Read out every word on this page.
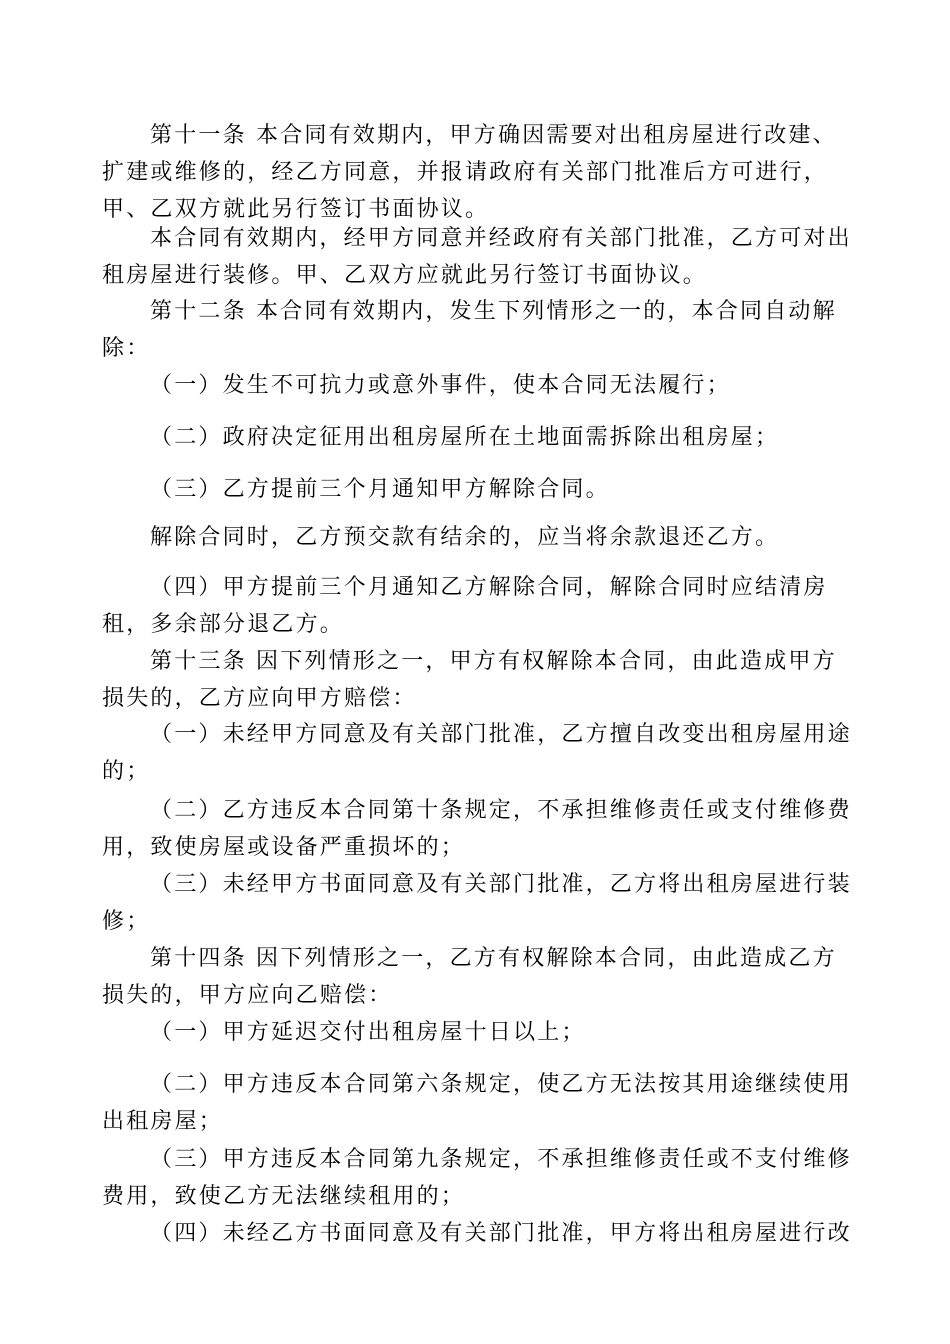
第十一条 本合同有效期内，甲方确因需要对出租房屋进行改建、扩建或维修的，经乙方同意，并报请政府有关部门批准后方可进行，甲、乙双方就此另行签订书面协议。

本合同有效期内，经甲方同意并经政府有关部门批准，乙方可对出租房屋进行装修。甲、乙双方应就此另行签订书面协议。

第十二条 本合同有效期内，发生下列情形之一的，本合同自动解除：

（一）发生不可抗力或意外事件，使本合同无法履行；

（二）政府决定征用出租房屋所在土地面需拆除出租房屋；

（三）乙方提前三个月通知甲方解除合同。

解除合同时，乙方预交款有结余的，应当将余款退还乙方。

（四）甲方提前三个月通知乙方解除合同，解除合同时应结清房租，多余部分退乙方。

第十三条 因下列情形之一，甲方有权解除本合同，由此造成甲方损失的，乙方应向甲方赔偿：

（一）未经甲方同意及有关部门批准，乙方擅自改变出租房屋用途的；

（二）乙方违反本合同第十条规定，不承担维修责任或支付维修费用，致使房屋或设备严重损坏的；

（三）未经甲方书面同意及有关部门批准，乙方将出租房屋进行装修；

第十四条 因下列情形之一，乙方有权解除本合同，由此造成乙方损失的，甲方应向乙赔偿：

（一）甲方延迟交付出租房屋十日以上；

（二）甲方违反本合同第六条规定，使乙方无法按其用途继续使用出租房屋；

（三）甲方违反本合同第九条规定，不承担维修责任或不支付维修费用，致使乙方无法继续租用的；

（四）未经乙方书面同意及有关部门批准，甲方将出租房屋进行改
